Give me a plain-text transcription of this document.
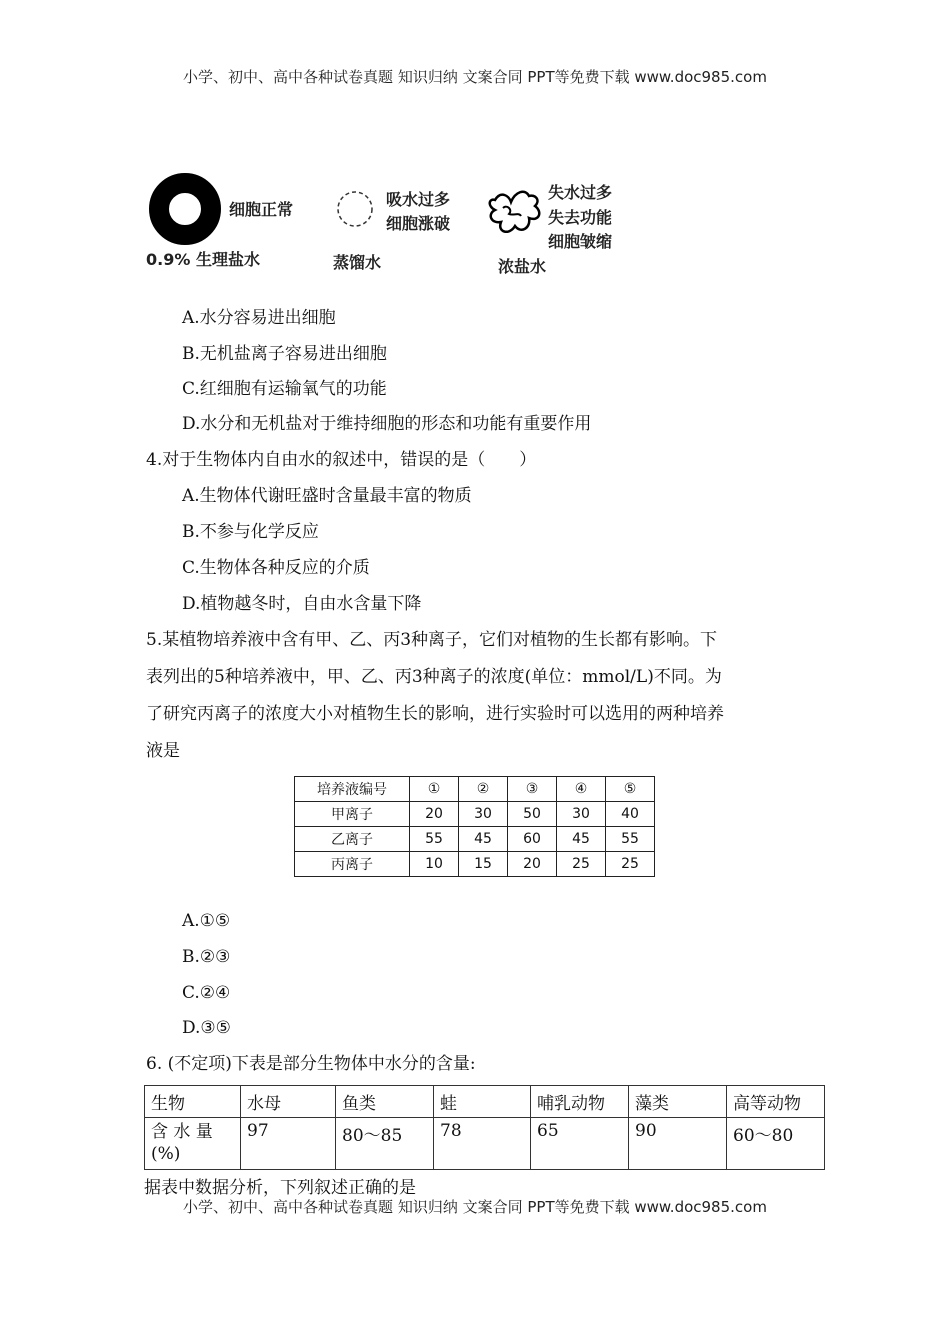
小学、初中、高中各种试卷真题 知识归纳 文案合同 PPT等免费下载 www.doc985.com
细胞正常
0.9% 生理盐水
吸水过多
细胞涨破
蒸馏水
失水过多
失去功能
细胞皱缩
浓盐水
A.水分容易进出细胞
B.无机盐离子容易进出细胞
C.红细胞有运输氧气的功能
D.水分和无机盐对于维持细胞的形态和功能有重要作用
4.对于生物体内自由水的叙述中，错误的是（　　）
A.生物体代谢旺盛时含量最丰富的物质
B.不参与化学反应
C.生物体各种反应的介质
D.植物越冬时，自由水含量下降
5.某植物培养液中含有甲、乙、丙3种离子，它们对植物的生长都有影响。下
表列出的5种培养液中，甲、乙、丙3种离子的浓度(单位：mmol/L)不同。为
了研究丙离子的浓度大小对植物生长的影响，进行实验时可以选用的两种培养
液是
培养液编号	①	②	③	④	⑤
甲离子	20	30	50	30	40
乙离子	55	45	60	45	55
丙离子	10	15	20	25	25
A.①⑤
B.②③
C.②④
D.③⑤
6. (不定项)下表是部分生物体中水分的含量:
生物	水母	鱼类	蛙	哺乳动物	藻类	高等动物
含 水 量 (%)	97	80～85	78	65	90	60～80
据表中数据分析，下列叙述正确的是
小学、初中、高中各种试卷真题 知识归纳 文案合同 PPT等免费下载 www.doc985.com
